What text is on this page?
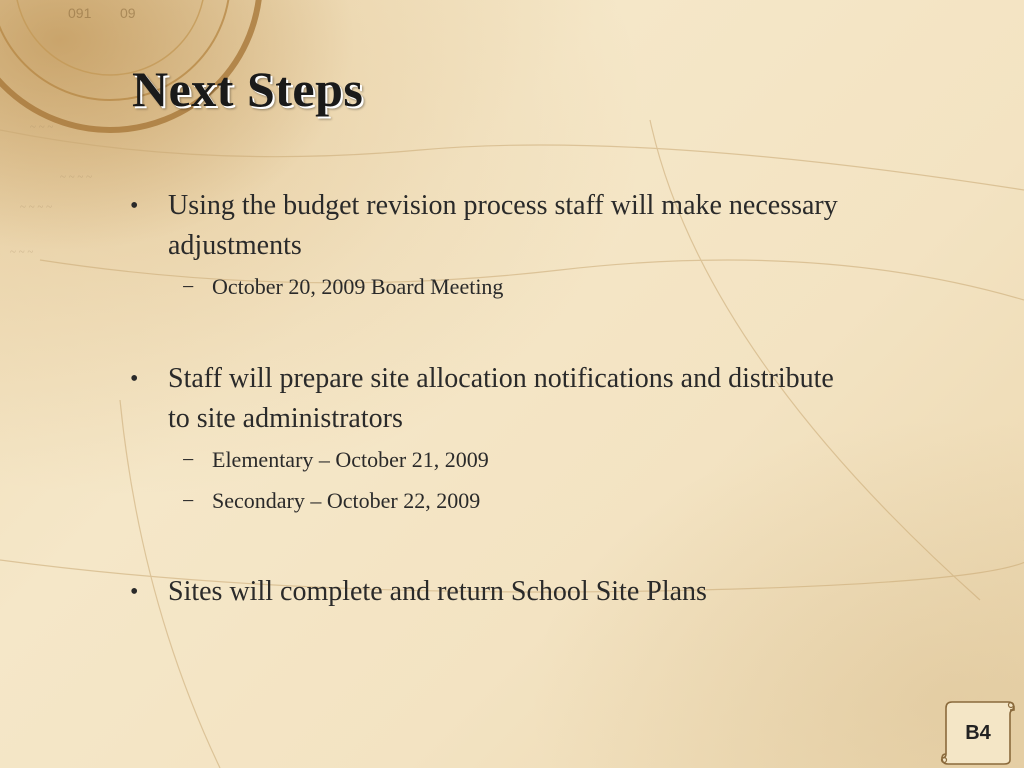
091 09
~ ~ ~
~ ~ ~ ~
~ ~ ~ ~
~ ~ ~
Next Steps
• Using the budget revision process staff will make necessary adjustments
− October 20, 2009 Board Meeting
• Staff will prepare site allocation notifications and distribute to site administrators
− Elementary – October 21, 2009
− Secondary – October 22, 2009
• Sites will complete and return School Site Plans
B4
